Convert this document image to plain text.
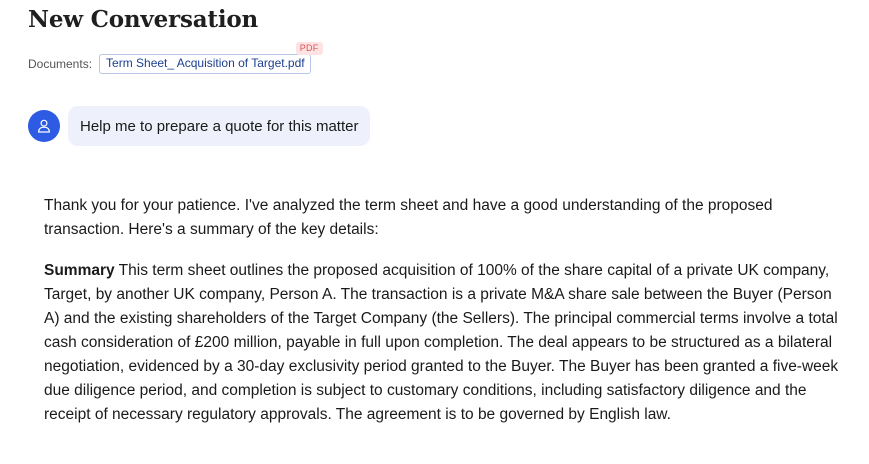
New Conversation
Documents:	Term Sheet_ Acquisition of Target.pdf
PDF
Help me to prepare a quote for this matter

Thank you for your patience. I've analyzed the term sheet and have a good understanding of the proposed transaction. Here's a summary of the key details:

Summary This term sheet outlines the proposed acquisition of 100% of the share capital of a private UK company, Target, by another UK company, Person A. The transaction is a private M&A share sale between the Buyer (Person A) and the existing shareholders of the Target Company (the Sellers). The principal commercial terms involve a total cash consideration of £200 million, payable in full upon completion. The deal appears to be structured as a bilateral negotiation, evidenced by a 30-day exclusivity period granted to the Buyer. The Buyer has been granted a five-week due diligence period, and completion is subject to customary conditions, including satisfactory diligence and the receipt of necessary regulatory approvals. The agreement is to be governed by English law.
